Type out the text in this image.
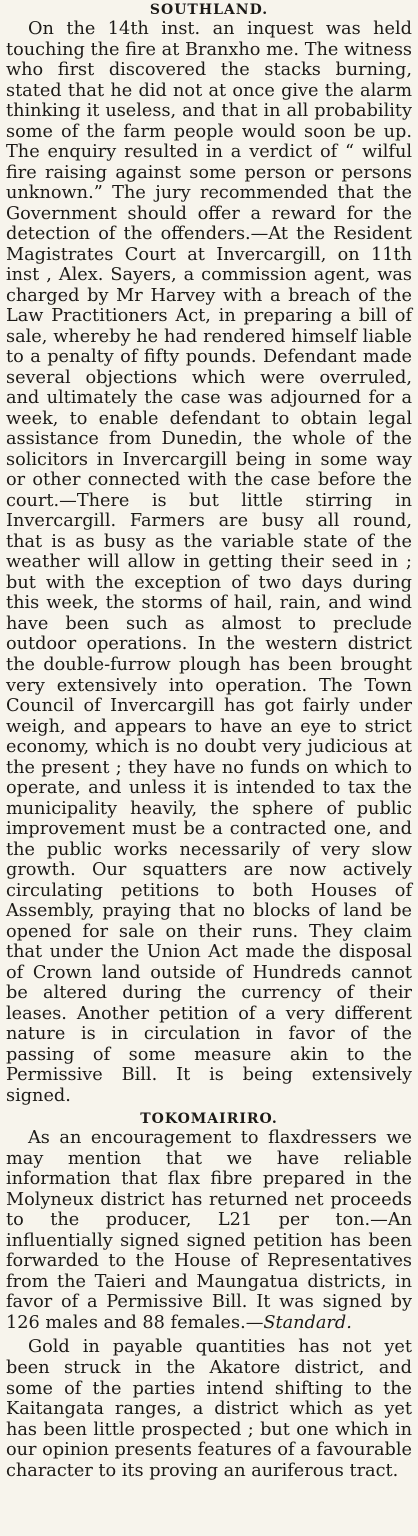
SOUTHLAND.

On the 14th inst. an inquest was held touching the fire at Branxho me. The witness who first discovered the stacks burning, stated that he did not at once give the alarm thinking it useless, and that in all probability some of the farm people would soon be up. The enquiry resulted in a verdict of “ wilful fire raising against some person or persons unknown.” The jury recommended that the Government should offer a reward for the detection of the offenders.—At the Resident Magistrates Court at Invercargill, on 11th inst , Alex. Sayers, a commission agent, was charged by Mr Harvey with a breach of the Law Practitioners Act, in preparing a bill of sale, whereby he had rendered himself liable to a penalty of fifty pounds. Defendant made several objections which were overruled, and ultimately the case was adjourned for a week, to enable defendant to obtain legal assistance from Dunedin, the whole of the solicitors in Invercargill being in some way or other connected with the case before the court.—There is but little stirring in Invercargill. Farmers are busy all round, that is as busy as the variable state of the weather will allow in getting their seed in ; but with the exception of two days during this week, the storms of hail, rain, and wind have been such as almost to preclude outdoor operations. In the western district the double-furrow plough has been brought very extensively into operation. The Town Council of Invercargill has got fairly under weigh, and appears to have an eye to strict economy, which is no doubt very judicious at the present ; they have no funds on which to operate, and unless it is intended to tax the municipality heavily, the sphere of public improvement must be a contracted one, and the public works necessarily of very slow growth. Our squatters are now actively circulating petitions to both Houses of Assembly, praying that no blocks of land be opened for sale on their runs. They claim that under the Union Act made the disposal of Crown land outside of Hundreds cannot be altered during the currency of their leases. Another petition of a very different nature is in circulation in favor of the passing of some measure akin to the Permissive Bill. It is being extensively signed.

TOKOMAIRIRO.

As an encouragement to flaxdressers we may mention that we have reliable information that flax fibre prepared in the Molyneux district has returned net proceeds to the producer, L21 per ton.—An influentially signed signed petition has been forwarded to the House of Representatives from the Taieri and Maungatua districts, in favor of a Permissive Bill. It was signed by 126 males and 88 females.—Standard.

Gold in payable quantities has not yet been struck in the Akatore district, and some of the parties intend shifting to the Kaitangata ranges, a district which as yet has been little prospected ; but one which in our opinion presents features of a favourable character to its proving an auriferous tract.
